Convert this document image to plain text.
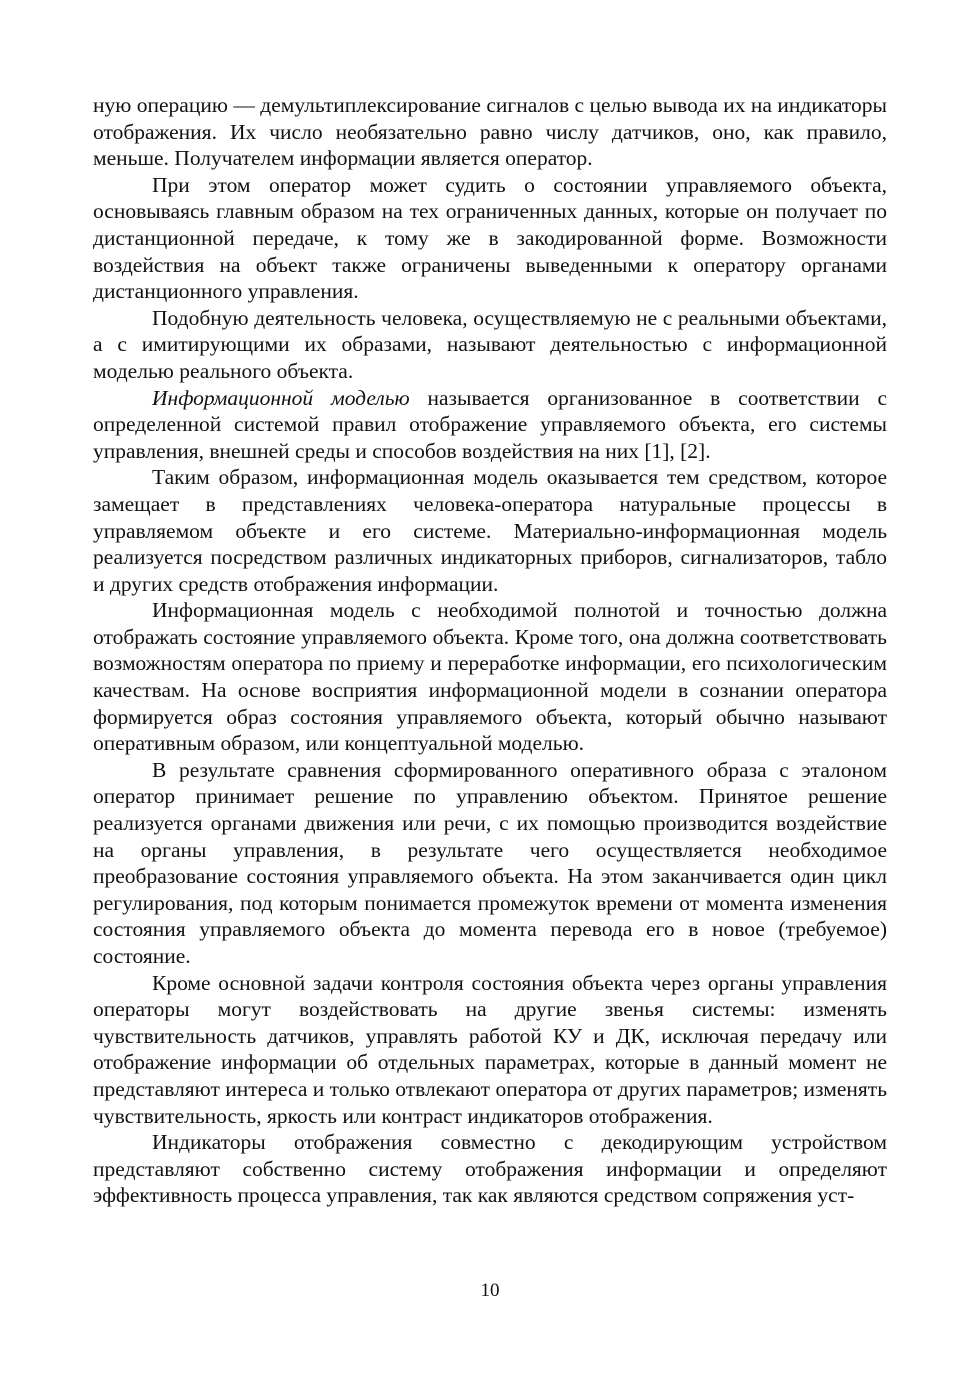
ную операцию — демультиплексирование сигналов с целью вывода их на индикаторы отображения. Их число необязательно равно числу датчиков, оно, как правило, меньше. Получателем информации является оператор.

При этом оператор может судить о состоянии управляемого объекта, основываясь главным образом на тех ограниченных данных, которые он получает по дистанционной передаче, к тому же в закодированной форме. Возможности воздействия на объект также ограничены выведенными к оператору органами дистанционного управления.

Подобную деятельность человека, осуществляемую не с реальными объектами, а с имитирующими их образами, называют деятельностью с информационной моделью реального объекта.

Информационной моделью называется организованное в соответствии с определенной системой правил отображение управляемого объекта, его системы управления, внешней среды и способов воздействия на них [1], [2].

Таким образом, информационная модель оказывается тем средством, которое замещает в представлениях человека-оператора натуральные процессы в управляемом объекте и его системе. Материально-информационная модель реализуется посредством различных индикаторных приборов, сигнализаторов, табло и других средств отображения информации.

Информационная модель с необходимой полнотой и точностью должна отображать состояние управляемого объекта. Кроме того, она должна соответствовать возможностям оператора по приему и переработке информации, его психологическим качествам. На основе восприятия информационной модели в сознании оператора формируется образ состояния управляемого объекта, который обычно называют оперативным образом, или концептуальной моделью.

В результате сравнения сформированного оперативного образа с эталоном оператор принимает решение по управлению объектом. Принятое решение реализуется органами движения или речи, с их помощью производится воздействие на органы управления, в результате чего осуществляется необходимое преобразование состояния управляемого объекта. На этом заканчивается один цикл регулирования, под которым понимается промежуток времени от момента изменения состояния управляемого объекта до момента перевода его в новое (требуемое) состояние.

Кроме основной задачи контроля состояния объекта через органы управления операторы могут воздействовать на другие звенья системы: изменять чувствительность датчиков, управлять работой КУ и ДК, исключая передачу или отображение информации об отдельных параметрах, которые в данный момент не представляют интереса и только отвлекают оператора от других параметров; изменять чувствительность, яркость или контраст индикаторов отображения.

Индикаторы отображения совместно с декодирующим устройством представляют собственно систему отображения информации и определяют эффективность процесса управления, так как являются средством сопряжения уст-

10
